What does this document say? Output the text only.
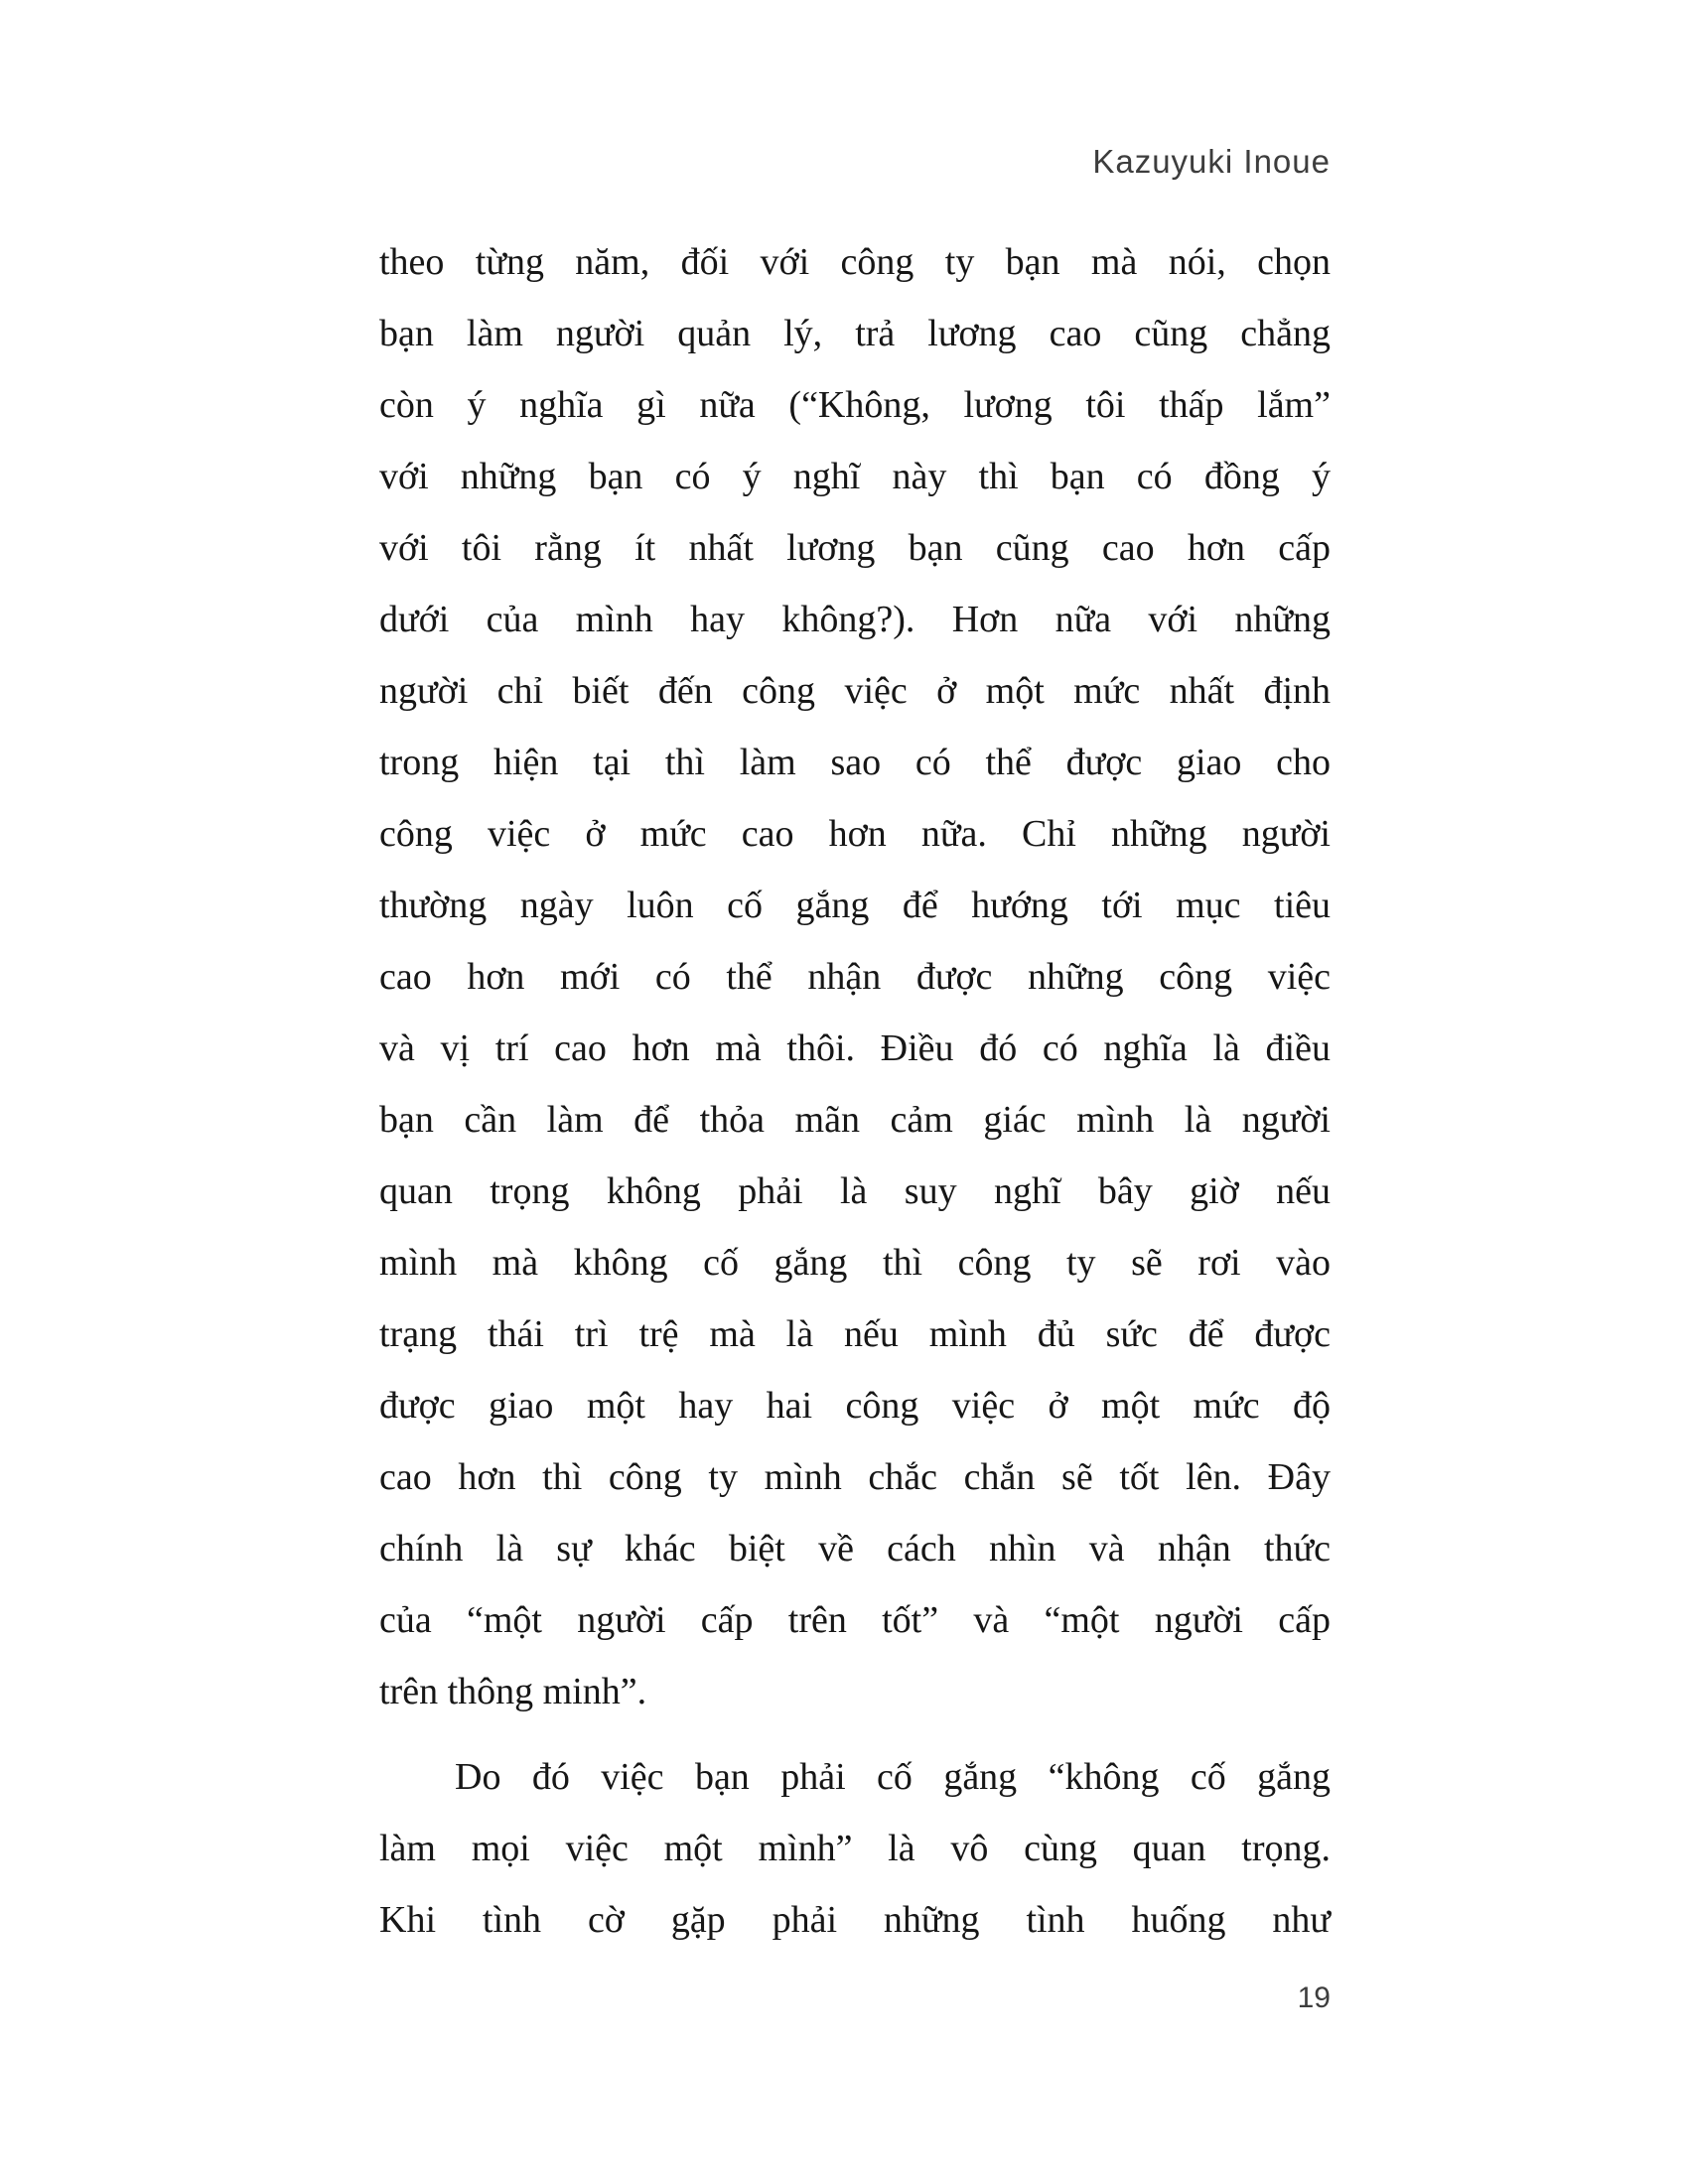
Kazuyuki Inoue
theo từng năm, đối với công ty bạn mà nói, chọn
bạn làm người quản lý, trả lương cao cũng chẳng
còn ý nghĩa gì nữa (“Không, lương tôi thấp lắm”
với những bạn có ý nghĩ này thì bạn có đồng ý
với tôi rằng ít nhất lương bạn cũng cao hơn cấp
dưới của mình hay không?). Hơn nữa với những
người chỉ biết đến công việc ở một mức nhất định
trong hiện tại thì làm sao có thể được giao cho
công việc ở mức cao hơn nữa. Chỉ những người
thường ngày luôn cố gắng để hướng tới mục tiêu
cao hơn mới có thể nhận được những công việc
và vị trí cao hơn mà thôi. Điều đó có nghĩa là điều
bạn cần làm để thỏa mãn cảm giác mình là người
quan trọng không phải là suy nghĩ bây giờ nếu
mình mà không cố gắng thì công ty sẽ rơi vào
trạng thái trì trệ mà là nếu mình đủ sức để được
được giao một hay hai công việc ở một mức độ
cao hơn thì công ty mình chắc chắn sẽ tốt lên. Đây
chính là sự khác biệt về cách nhìn và nhận thức
của “một người cấp trên tốt” và “một người cấp
trên thông minh”.
Do đó việc bạn phải cố gắng “không cố gắng
làm mọi việc một mình” là vô cùng quan trọng.
Khi tình cờ gặp phải những tình huống như
19
